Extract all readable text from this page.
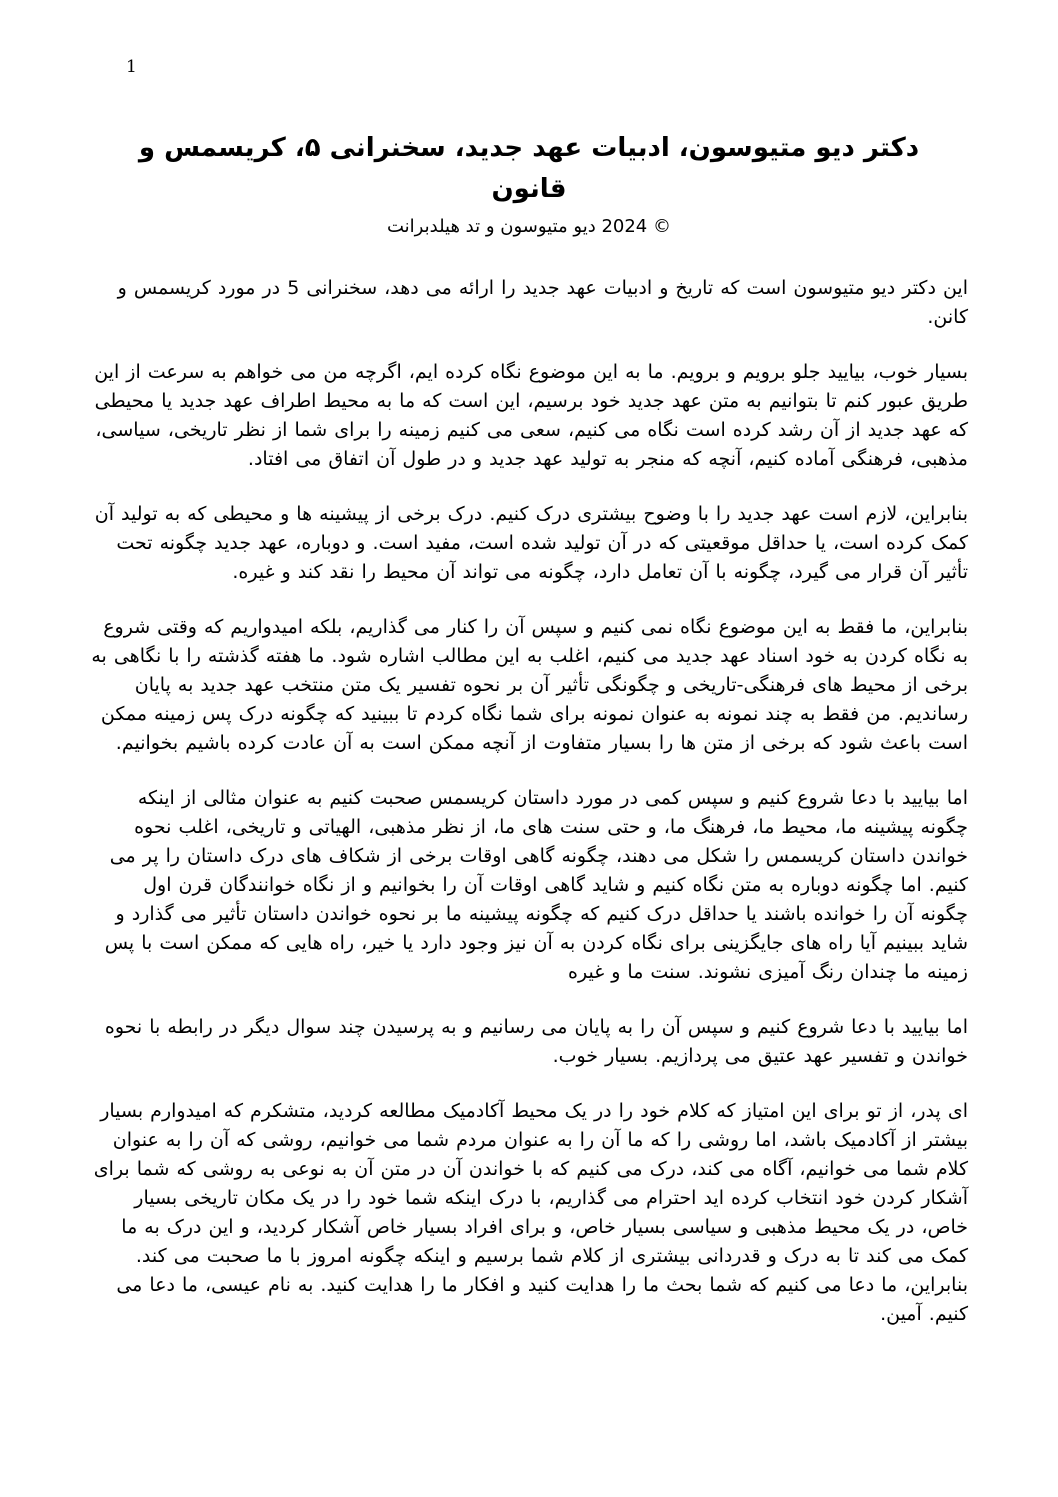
1
دکتر دیو متیوسون، ادبیات عهد جدید، سخنرانی ۵، کریسمس و
قانون
© 2024 دیو متیوسون و تد هیلدبرانت

این دکتر دیو متیوسون است که تاریخ و ادبیات عهد جدید را ارائه می دهد، سخنرانی 5 در مورد کریسمس و کانن.

بسیار خوب، بیایید جلو برویم و برویم. ما به این موضوع نگاه کرده ایم، اگرچه من می خواهم به سرعت از این طریق عبور کنم تا بتوانیم به متن عهد جدید خود برسیم، این است که ما به محیط اطراف عهد جدید یا محیطی که عهد جدید از آن رشد کرده است نگاه می کنیم، سعی می کنیم زمینه را برای شما از نظر تاریخی، سیاسی، مذهبی، فرهنگی آماده کنیم، آنچه که منجر به تولید عهد جدید و در طول آن اتفاق می افتاد.

بنابراین، لازم است عهد جدید را با وضوح بیشتری درک کنیم. درک برخی از پیشینه ها و محیطی که به تولید آن کمک کرده است، یا حداقل موقعیتی که در آن تولید شده است، مفید است. و دوباره، عهد جدید چگونه تحت تأثیر آن قرار می گیرد، چگونه با آن تعامل دارد، چگونه می تواند آن محیط را نقد کند و غیره.

بنابراین، ما فقط به این موضوع نگاه نمی کنیم و سپس آن را کنار می گذاریم، بلکه امیدواریم که وقتی شروع به نگاه کردن به خود اسناد عهد جدید می کنیم، اغلب به این مطالب اشاره شود. ما هفته گذشته را با نگاهی به برخی از محیط های فرهنگی-تاریخی و چگونگی تأثیر آن بر نحوه تفسیر یک متن منتخب عهد جدید به پایان رساندیم. من فقط به چند نمونه به عنوان نمونه برای شما نگاه کردم تا ببینید که چگونه درک پس زمینه ممکن است باعث شود که برخی از متن ها را بسیار متفاوت از آنچه ممکن است به آن عادت کرده باشیم بخوانیم.

اما بیایید با دعا شروع کنیم و سپس کمی در مورد داستان کریسمس صحبت کنیم به عنوان مثالی از اینکه چگونه پیشینه ما، محیط ما، فرهنگ ما، و حتی سنت های ما، از نظر مذهبی، الهیاتی و تاریخی، اغلب نحوه خواندن داستان کریسمس را شکل می دهند، چگونه گاهی اوقات برخی از شکاف های درک داستان را پر می کنیم. اما چگونه دوباره به متن نگاه کنیم و شاید گاهی اوقات آن را بخوانیم و از نگاه خوانندگان قرن اول چگونه آن را خوانده باشند یا حداقل درک کنیم که چگونه پیشینه ما بر نحوه خواندن داستان تأثیر می گذارد و شاید ببینیم آیا راه های جایگزینی برای نگاه کردن به آن نیز وجود دارد یا خیر، راه هایی که ممکن است با پس زمینه ما چندان رنگ آمیزی نشوند. سنت ما و غیره

اما بیایید با دعا شروع کنیم و سپس آن را به پایان می رسانیم و به پرسیدن چند سوال دیگر در رابطه با نحوه خواندن و تفسیر عهد عتیق می پردازیم. بسیار خوب.

ای پدر، از تو برای این امتیاز که کلام خود را در یک محیط آکادمیک مطالعه کردید، متشکرم که امیدوارم بسیار بیشتر از آکادمیک باشد، اما روشی را که ما آن را به عنوان مردم شما می خوانیم، روشی که آن را به عنوان کلام شما می خوانیم، آگاه می کند، درک می کنیم که با خواندن آن در متن آن به نوعی به روشی که شما برای آشکار کردن خود انتخاب کرده اید احترام می گذاریم، با درک اینکه شما خود را در یک مکان تاریخی بسیار خاص، در یک محیط مذهبی و سیاسی بسیار خاص، و برای افراد بسیار خاص آشکار کردید، و این درک به ما کمک می کند تا به درک و قدردانی بیشتری از کلام شما برسیم و اینکه چگونه امروز با ما صحبت می کند. بنابراین، ما دعا می کنیم که شما بحث ما را هدایت کنید و افکار ما را هدایت کنید. به نام عیسی، ما دعا می کنیم. آمین.
